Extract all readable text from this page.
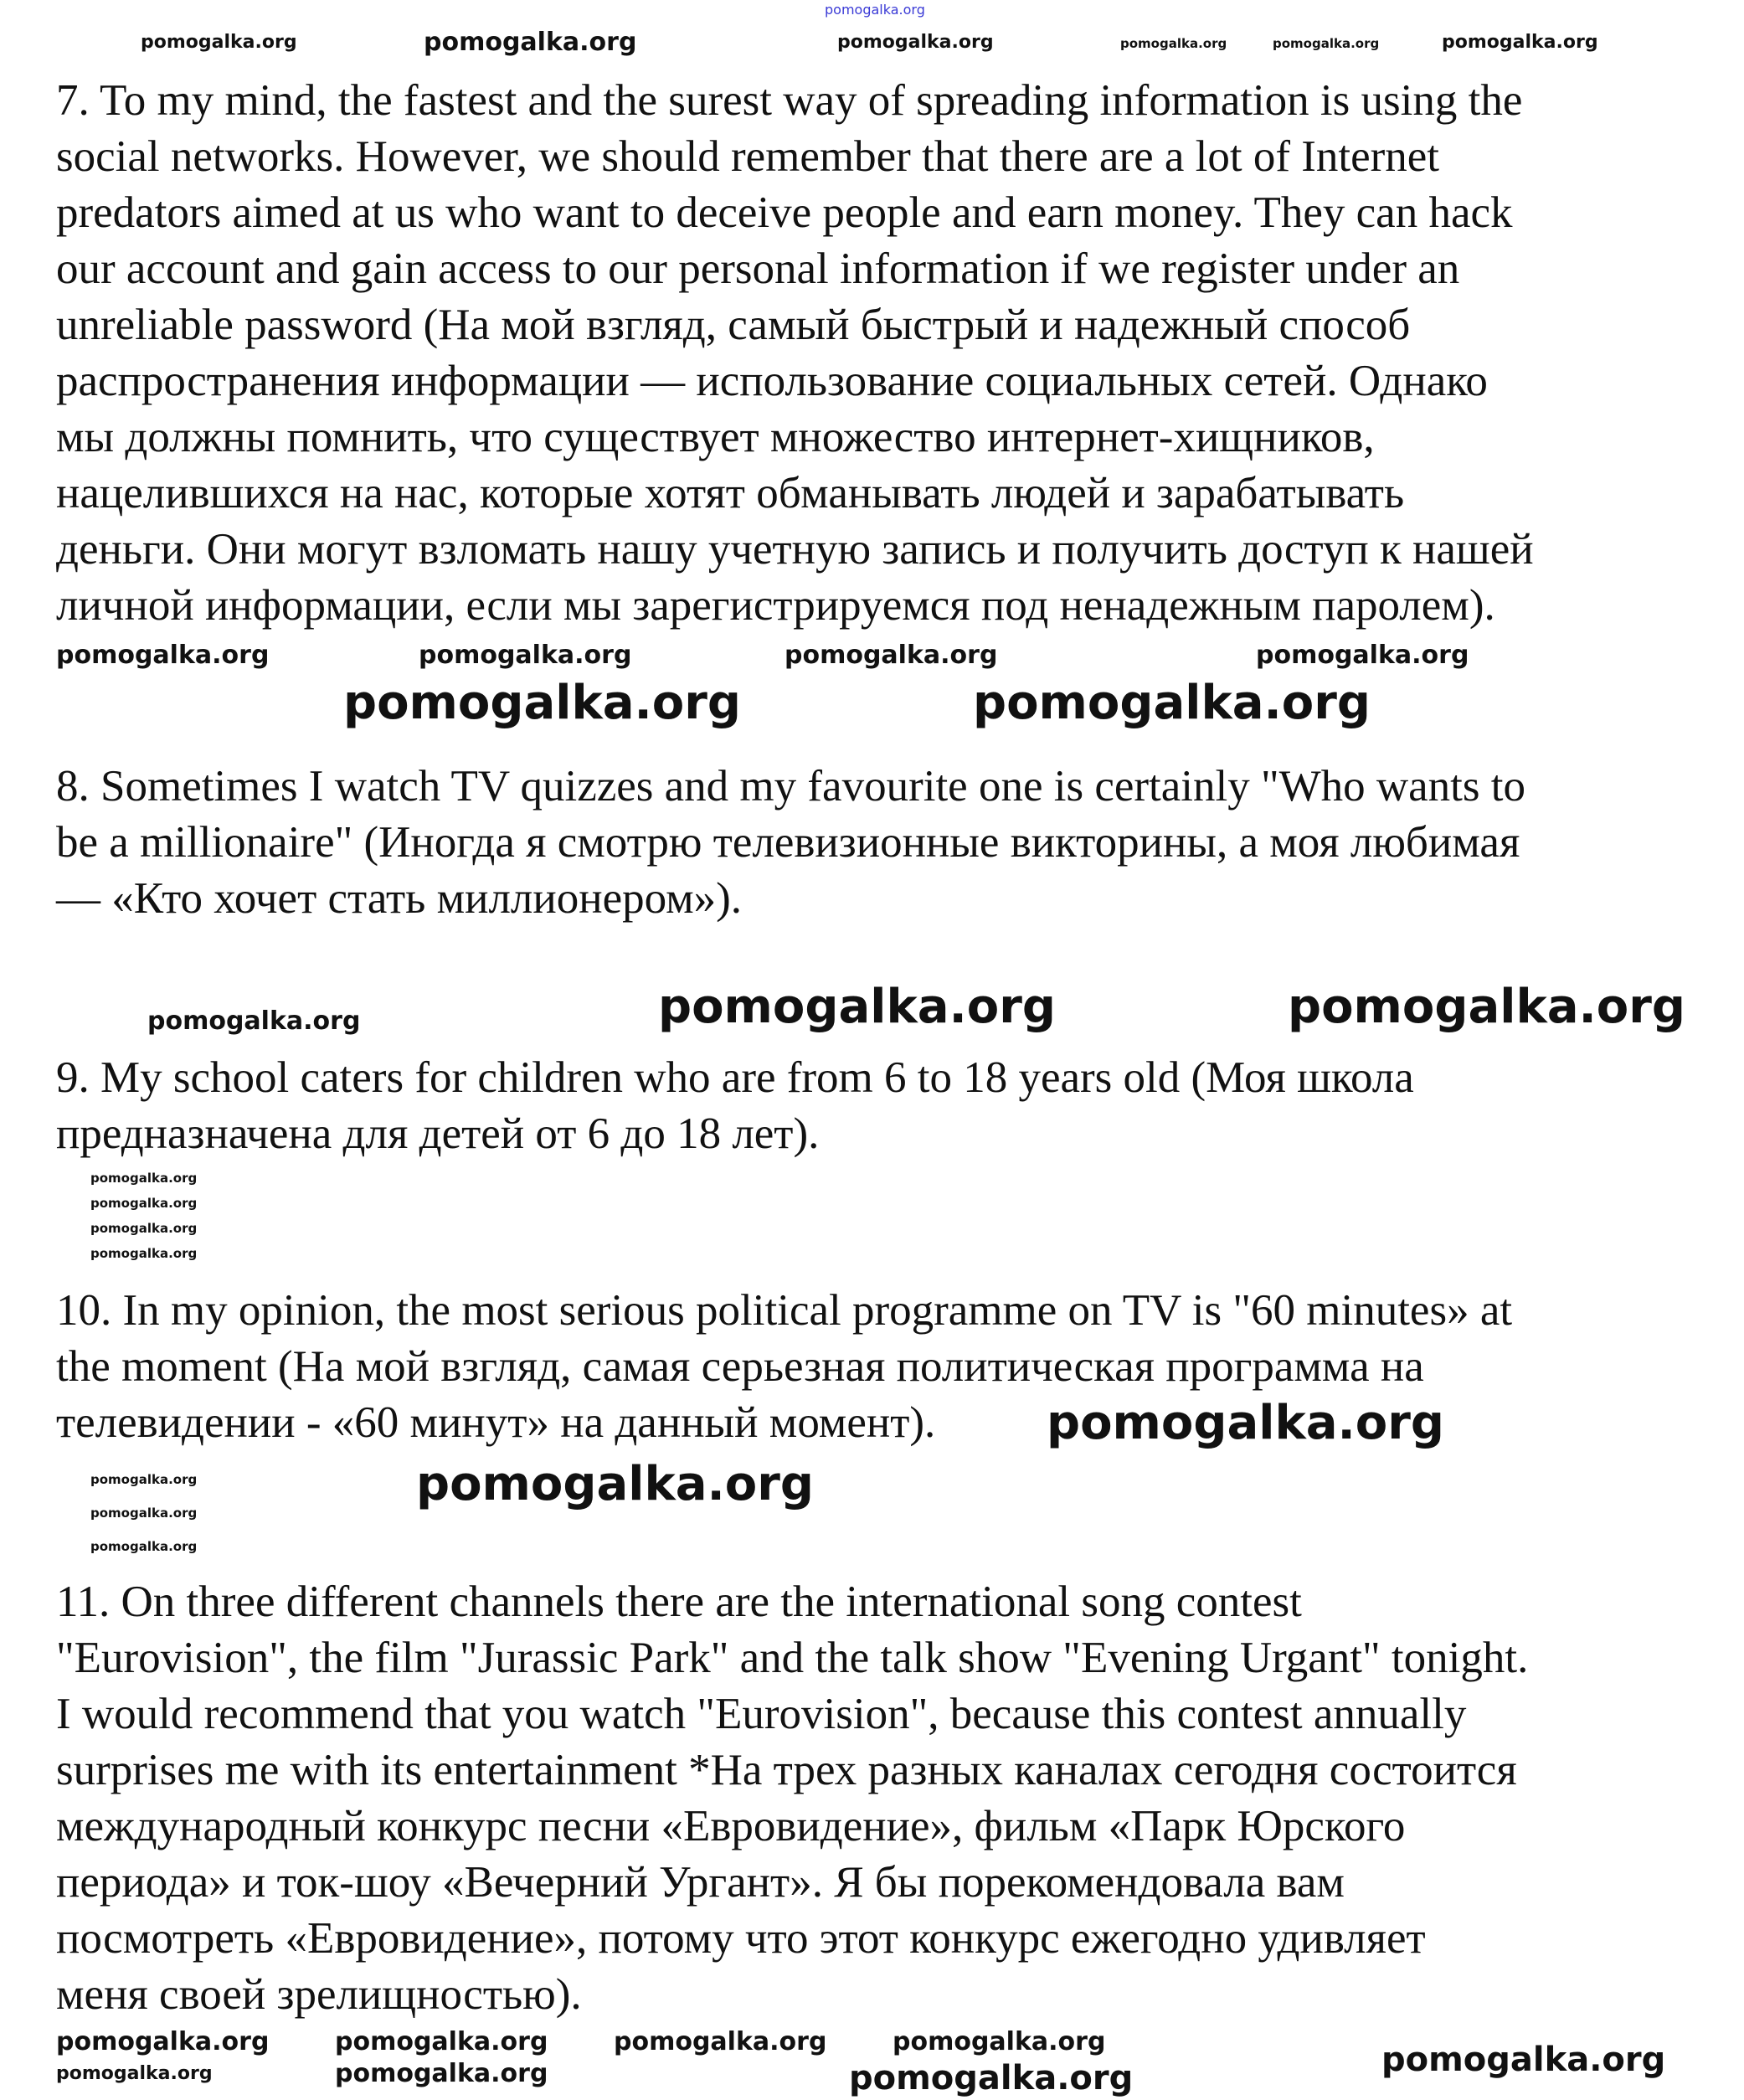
pomogalka.org
7. To my mind, the fastest and the surest way of spreading information is using the
social networks. However, we should remember that there are a lot of Internet
predators aimed at us who want to deceive people and earn money. They can hack
our account and gain access to our personal information if we register under an
unreliable password (На мой взгляд, самый быстрый и надежный способ
распространения информации — использование социальных сетей. Однако
мы должны помнить, что существует множество интернет-хищников,
нацелившихся на нас, которые хотят обманывать людей и зарабатывать
деньги. Они могут взломать нашу учетную запись и получить доступ к нашей
личной информации, если мы зарегистрируемся под ненадежным паролем).
8. Sometimes I watch TV quizzes and my favourite one is certainly "Who wants to
be a millionaire" (Иногда я смотрю телевизионные викторины, а моя любимая
— «Кто хочет стать миллионером»).
9. My school caters for children who are from 6 to 18 years old (Моя школа
предназначена для детей от 6 до 18 лет).
10. In my opinion, the most serious political programme on TV is "60 minutes» at
the moment (На мой взгляд, самая серьезная политическая программа на
телевидении - «60 минут» на данный момент).
11. On three different channels there are the international song contest
"Eurovision", the film "Jurassic Park" and the talk show "Evening Urgant" tonight.
I would recommend that you watch "Eurovision", because this contest annually
surprises me with its entertainment *На трех разных каналах сегодня состоится
международный конкурс песни «Евровидение», фильм «Парк Юрского
периода» и ток-шоу «Вечерний Ургант». Я бы порекомендовала вам
посмотреть «Евровидение», потому что этот конкурс ежегодно удивляет
меня своей зрелищностью).
pomogalka.org	pomogalka.org	pomogalka.org	pomogalka.org	pomogalka.org	pomogalka.org
pomogalka.org	pomogalka.org	pomogalka.org	pomogalka.org
pomogalka.org	pomogalka.org
pomogalka.org	pomogalka.org	pomogalka.org
pomogalka.org
pomogalka.org
pomogalka.org
pomogalka.org
pomogalka.org
pomogalka.org
pomogalka.org
pomogalka.org
pomogalka.org
pomogalka.org	pomogalka.org	pomogalka.org	pomogalka.org
pomogalka.org	pomogalka.org	pomogalka.org	pomogalka.org
